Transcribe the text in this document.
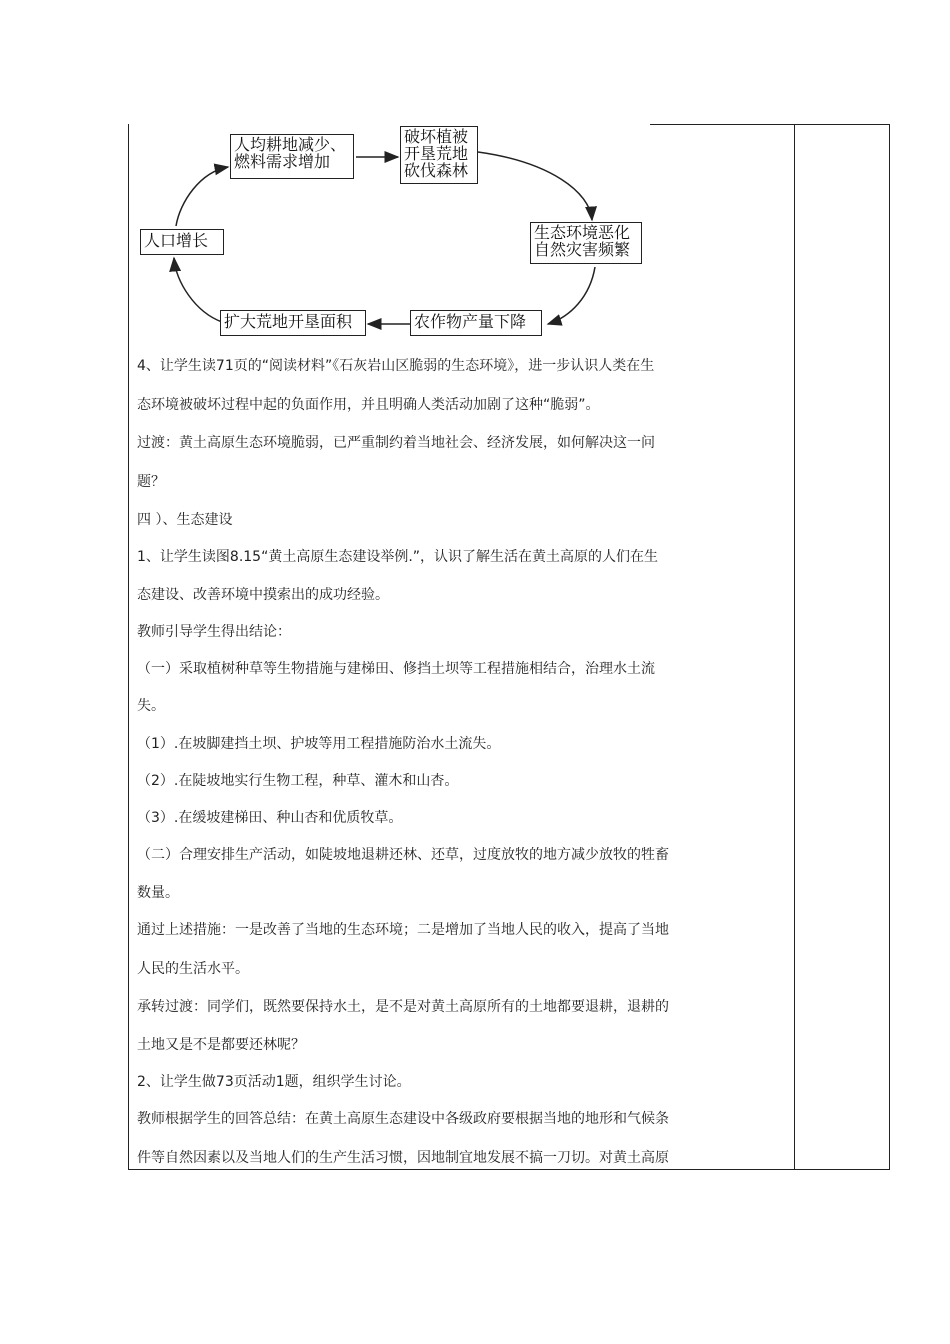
人均耕地减少、
燃料需求增加
破坏植被
开垦荒地
砍伐森林
生态环境恶化
自然灾害频繁
农作物产量下降
扩大荒地开垦面积
人口增长
4、让学生读71页的“阅读材料”《石灰岩山区脆弱的生态环境》，进一步认识人类在生
态环境被破坏过程中起的负面作用，并且明确人类活动加剧了这种“脆弱”。
过渡：黄土高原生态环境脆弱，已严重制约着当地社会、经济发展，如何解决这一问
题？
四 ）、生态建设
1、让学生读图8.15“黄土高原生态建设举例.”，认识了解生活在黄土高原的人们在生
态建设、改善环境中摸索出的成功经验。
教师引导学生得出结论：
（一）采取植树种草等生物措施与建梯田、修挡土坝等工程措施相结合，治理水土流
失。
（1）.在坡脚建挡土坝、护坡等用工程措施防治水土流失。
（2）.在陡坡地实行生物工程，种草、灌木和山杏。
（3）.在缓坡建梯田、种山杏和优质牧草。
（二）合理安排生产活动，如陡坡地退耕还林、还草，过度放牧的地方减少放牧的牲畜
数量。
通过上述措施：一是改善了当地的生态环境；二是增加了当地人民的收入，提高了当地
人民的生活水平。
承转过渡：同学们，既然要保持水土，是不是对黄土高原所有的土地都要退耕，退耕的
土地又是不是都要还林呢？
2、让学生做73页活动1题，组织学生讨论。
教师根据学生的回答总结：在黄土高原生态建设中各级政府要根据当地的地形和气候条
件等自然因素以及当地人们的生产生活习惯，因地制宜地发展不搞一刀切。对黄土高原
